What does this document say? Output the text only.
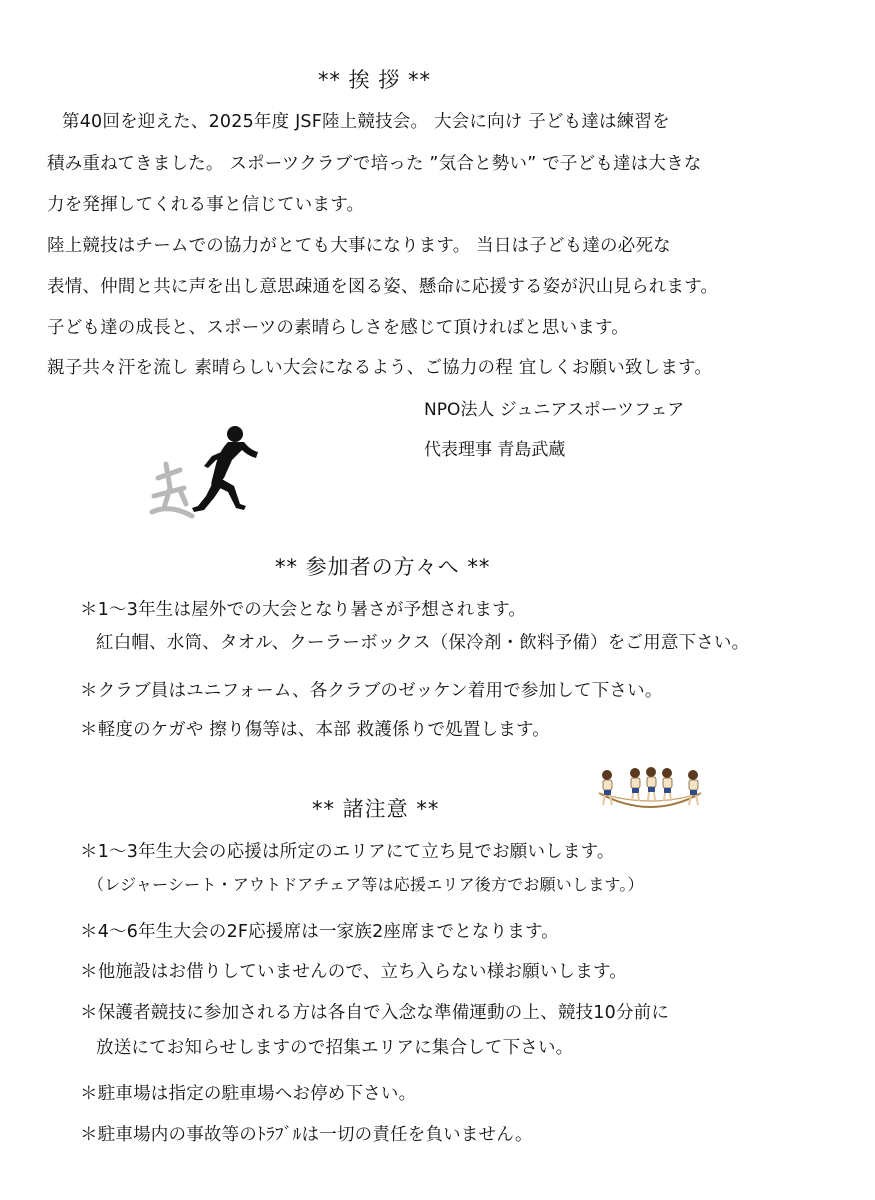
** 挨 拶 **
第40回を迎えた、2025年度 JSF陸上競技会。 大会に向け 子ども達は練習を
積み重ねてきました。 スポーツクラブで培った ”気合と勢い” で子ども達は大きな
力を発揮してくれる事と信じています。
陸上競技はチームでの協力がとても大事になります。 当日は子ども達の必死な
表情、仲間と共に声を出し意思疎通を図る姿、懸命に応援する姿が沢山見られます。
子ども達の成長と、スポーツの素晴らしさを感じて頂ければと思います。
親子共々汗を流し 素晴らしい大会になるよう、ご協力の程 宜しくお願い致します。
NPO法人 ジュニアスポーツフェア
代表理事 青島武蔵
** 参加者の方々へ **
＊1～3年生は屋外での大会となり暑さが予想されます。
紅白帽、水筒、タオル、クーラーボックス（保冷剤・飲料予備）をご用意下さい。
＊クラブ員はユニフォーム、各クラブのゼッケン着用で参加して下さい。
＊軽度のケガや 擦り傷等は、本部 救護係りで処置します。
** 諸注意 **
＊1～3年生大会の応援は所定のエリアにて立ち見でお願いします。
（レジャーシート・アウトドアチェア等は応援エリア後方でお願いします。）
＊4～6年生大会の2F応援席は一家族2座席までとなります。
＊他施設はお借りしていませんので、立ち入らない様お願いします。
＊保護者競技に参加される方は各自で入念な準備運動の上、競技10分前に
放送にてお知らせしますので招集エリアに集合して下さい。
＊駐車場は指定の駐車場へお停め下さい。
＊駐車場内の事故等のﾄﾗﾌﾞﾙは一切の責任を負いません。
